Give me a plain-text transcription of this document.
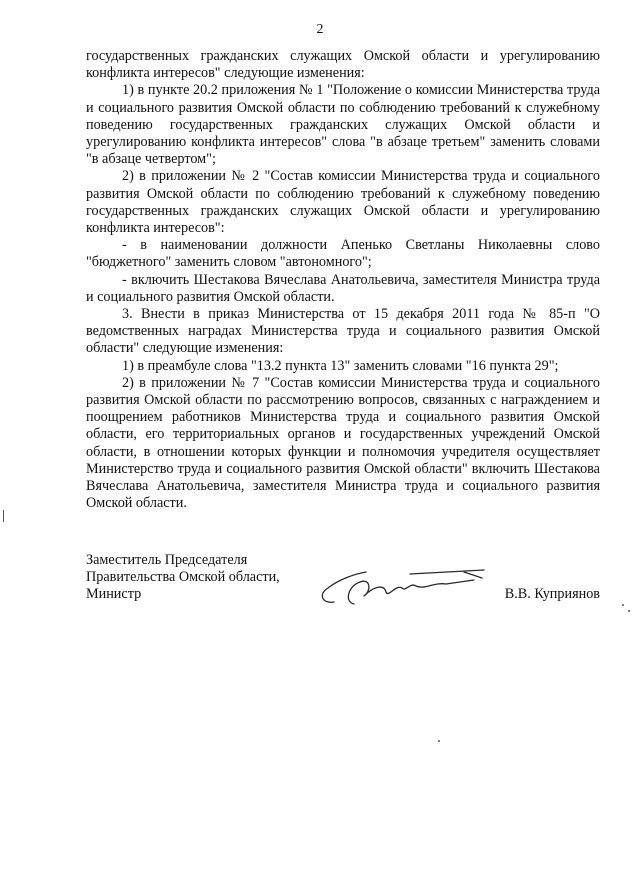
2

государственных гражданских служащих Омской области и урегулированию конфликта интересов" следующие изменения:

1) в пункте 20.2 приложения № 1 "Положение о комиссии Министерства труда и социального развития Омской области по соблюдению требований к служебному поведению государственных гражданских служащих Омской области и урегулированию конфликта интересов" слова "в абзаце третьем" заменить словами "в абзаце четвертом";

2) в приложении № 2 "Состав комиссии Министерства труда и социального развития Омской области по соблюдению требований к служебному поведению государственных гражданских служащих Омской области и урегулированию конфликта интересов":

- в наименовании должности Апенько Светланы Николаевны слово "бюджетного" заменить словом "автономного";

- включить Шестакова Вячеслава Анатольевича, заместителя Министра труда и социального развития Омской области.

3. Внести в приказ Министерства от 15 декабря 2011 года № 85-п "О ведомственных наградах Министерства труда и социального развития Омской области" следующие изменения:

1) в преамбуле слова "13.2 пункта 13" заменить словами "16 пункта 29";

2) в приложении № 7 "Состав комиссии Министерства труда и социального развития Омской области по рассмотрению вопросов, связанных с награждением и поощрением работников Министерства труда и социального развития Омской области, его территориальных органов и государственных учреждений Омской области, в отношении которых функции и полномочия учредителя осуществляет Министерство труда и социального развития Омской области" включить Шестакова Вячеслава Анатольевича, заместителя Министра труда и социального развития Омской области.

Заместитель Председателя

Правительства Омской области,

Министр	В.В. Куприянов
